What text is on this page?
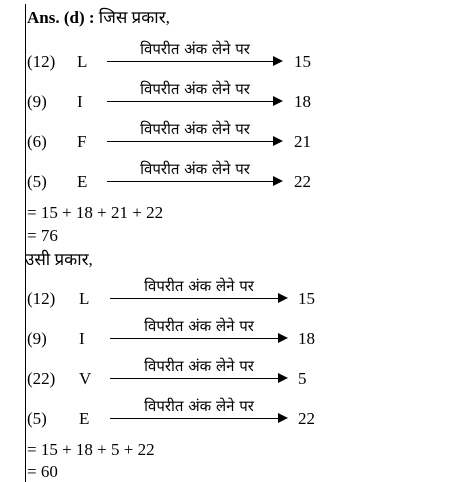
Ans. (d) : जिस प्रकार,
(12) L
विपरीत अंक लेने पर
15
(9) I
विपरीत अंक लेने पर
18
(6) F
विपरीत अंक लेने पर
21
(5) E
विपरीत अंक लेने पर
22
= 15 + 18 + 21 + 22
= 76
उसी प्रकार,
(12) L
विपरीत अंक लेने पर
15
(9) I
विपरीत अंक लेने पर
18
(22) V
विपरीत अंक लेने पर
5
(5) E
विपरीत अंक लेने पर
22
= 15 + 18 + 5 + 22
= 60
